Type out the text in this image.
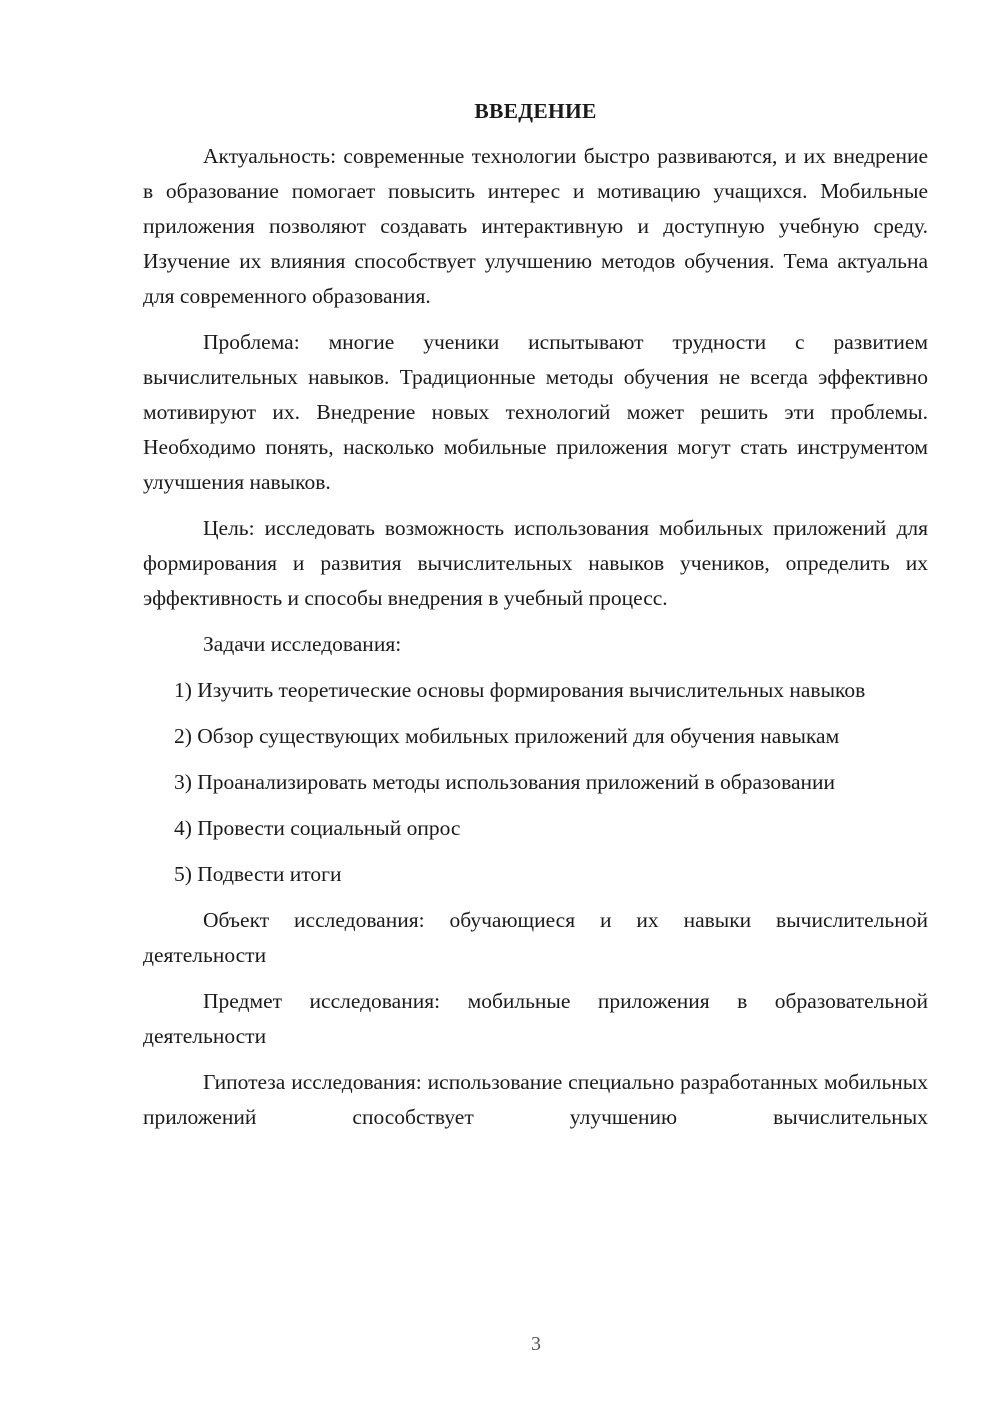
ВВЕДЕНИЕ
Актуальность: современные технологии быстро развиваются, и их внедрение в образование помогает повысить интерес и мотивацию учащихся. Мобильные приложения позволяют создавать интерактивную и доступную учебную среду. Изучение их влияния способствует улучшению методов обучения. Тема актуальна для современного образования.
Проблема: многие ученики испытывают трудности с развитием вычислительных навыков. Традиционные методы обучения не всегда эффективно мотивируют их. Внедрение новых технологий может решить эти проблемы. Необходимо понять, насколько мобильные приложения могут стать инструментом улучшения навыков.
Цель: исследовать возможность использования мобильных приложений для формирования и развития вычислительных навыков учеников, определить их эффективность и способы внедрения в учебный процесс.
Задачи исследования:
1) Изучить теоретические основы формирования вычислительных навыков
2) Обзор существующих мобильных приложений для обучения навыкам
3) Проанализировать методы использования приложений в образовании
4) Провести социальный опрос
5) Подвести итоги
Объект исследования: обучающиеся и их навыки вычислительной деятельности
Предмет исследования: мобильные приложения в образовательной деятельности
Гипотеза исследования: использование специально разработанных мобильных приложений способствует улучшению вычислительных
3
